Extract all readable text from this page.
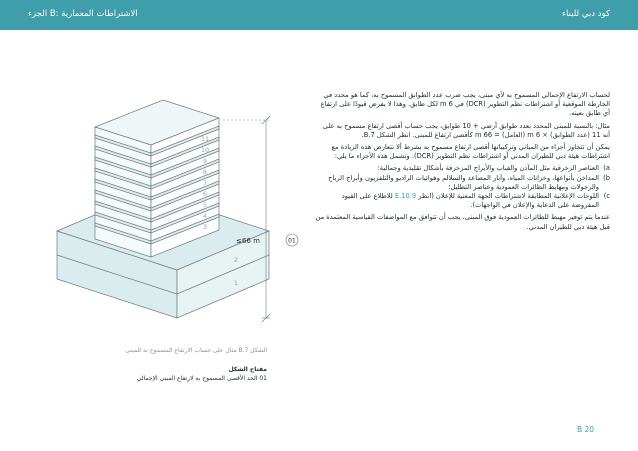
كود دبي للبناء
الجزء B: الاشتراطات المعمارية
≤66 m	01
1
2
3
4
5
6
7
8
9
10
11
الشكل B.7 مثال على حساب الارتفاع المسموح به للمبنى
مفتاح الشكل
01 الحد الأقصى المسموح به لارتفاع المبنى الإجمالي

لحساب الارتفاع الإجمالي المسموح به لأي مبنى، يجب ضرب عدد الطوابق المسموح به، كما هو محدد في الخارطة الموقعية أو اشتراطات نظم التطوير (DCR) في 6 m لكل طابق. وهذا لا يفرض قيودًا على ارتفاع أي طابق بعينه.

مثال: بالنسبة للمبنى المحدد بعدد طوابق أرضي + 10 طوابق، يجب حساب أقصى ارتفاع مسموح به على أنه 11 (عدد الطوابق) × 6 m (العامل) = 66 m كأقصى ارتفاع للمبنى. انظر الشكل B.7.

يمكن أن تتجاوز أجزاء من المباني وتركيباتها أقصى ارتفاع مسموح به بشرط ألا تتعارض هذه الزيادة مع اشتراطات هيئة دبي للطيران المدني أو اشتراطات نظم التطوير (DCR). وتشمل هذه الأجزاء ما يلي:

a)
العناصر الزخرفية مثل المآذن والقباب والأبراج المزخرفة بأشكال تقليدية وجمالية؛
b)
المداخن بأنواعها، وخزانات المياه، وآبار المصاعد والسلالم وهوائيات الراديو والتلفزيون وأبراج الرياح والرجولات ومهابط الطائرات العمودية وعناصر التظليل؛
c)
اللوحات الإعلانية المطابقة لاشتراطات الجهة المعنية للإعلان (انظر E.10.9 للاطلاع على القيود المفروضة على الدعاية والإعلان في الواجهات).

عندما يتم توفير مهبط للطائرات العمودية فوق المبنى، يجب أن تتوافق مع المواصفات القياسية المعتمدة من قبل هيئة دبي للطيران المدني.

B 20
